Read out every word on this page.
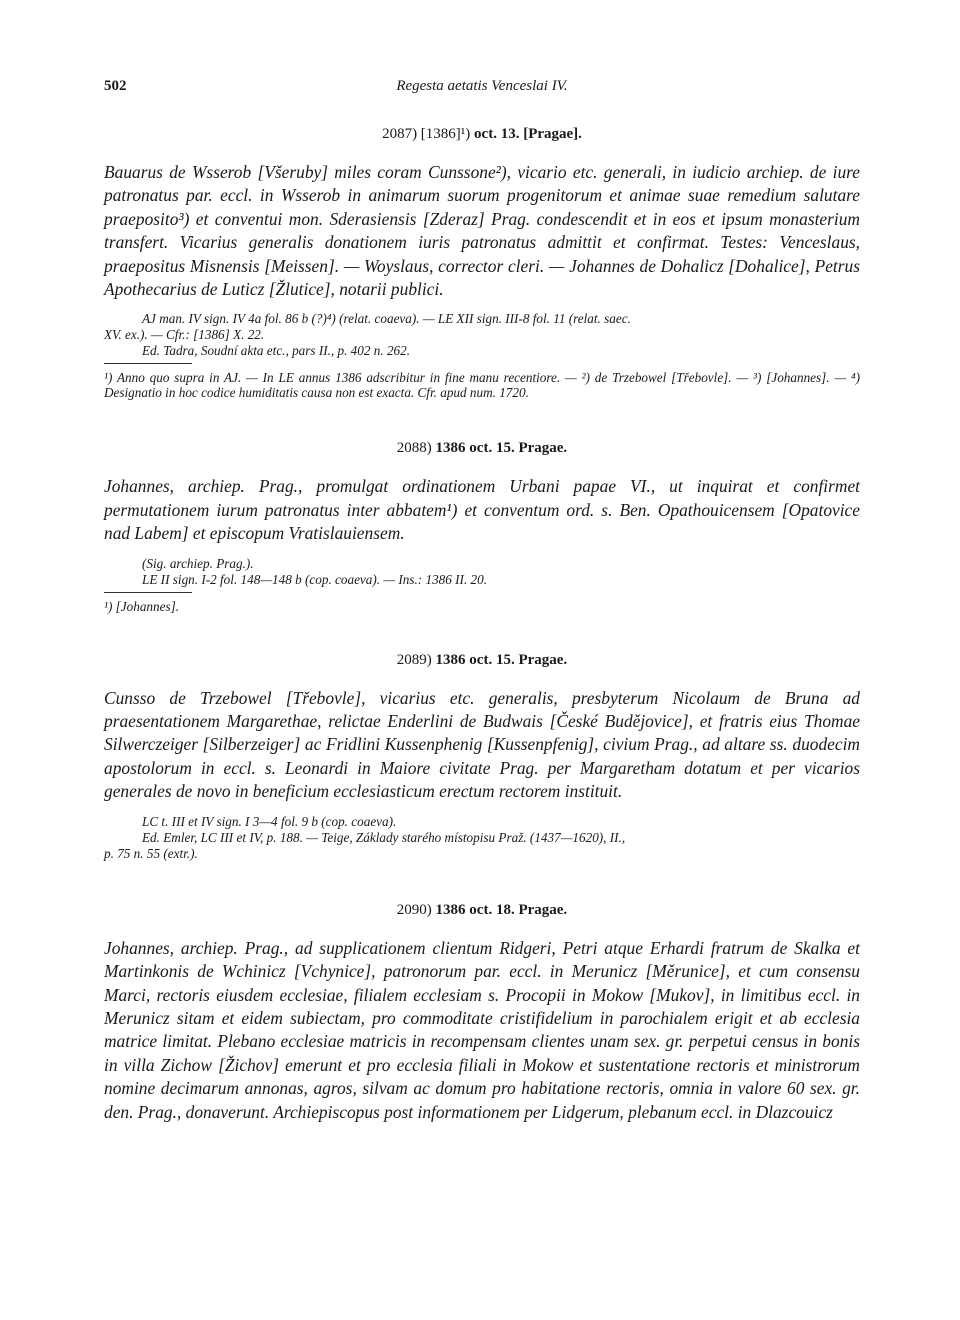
502	Regesta aetatis Venceslai IV.

2087) [1386]¹) oct. 13. [Pragae].

Bauarus de Wsserob [Všeruby] miles coram Cunssone²), vicario etc. generali, in iudicio archiep. de iure patronatus par. eccl. in Wsserob in animarum suorum progenitorum et animae suae remedium salutare praeposito³) et conventui mon. Sderasiensis [Zderaz] Prag. condescendit et in eos et ipsum monasterium transfert. Vicarius generalis donationem iuris patronatus admittit et confirmat. Testes: Venceslaus, praepositus Misnensis [Meissen]. — Woyslaus, corrector cleri. — Johannes de Dohalicz [Dohalice], Petrus Apothecarius de Luticz [Žlutice], notarii publici.

AJ man. IV sign. IV 4a fol. 86 b (?)⁴) (relat. coaeva). — LE XII sign. III-8 fol. 11 (relat. saec.
XV. ex.). — Cfr.: [1386] X. 22.
Ed. Tadra, Soudní akta etc., pars II., p. 402 n. 262.

¹) Anno quo supra in AJ. — In LE annus 1386 adscribitur in fine manu recentiore. — ²) de Trzebowel [Třebovle]. — ³) [Johannes]. — ⁴) Designatio in hoc codice humiditatis causa non est exacta. Cfr. apud num. 1720.

2088) 1386 oct. 15. Pragae.

Johannes, archiep. Prag., promulgat ordinationem Urbani papae VI., ut inquirat et confirmet permutationem iurum patronatus inter abbatem¹) et conventum ord. s. Ben. Opathouicensem [Opatovice nad Labem] et episcopum Vratislauiensem.

(Sig. archiep. Prag.).
LE II sign. I-2 fol. 148—148 b (cop. coaeva). — Ins.: 1386 II. 20.

¹) [Johannes].

2089) 1386 oct. 15. Pragae.

Cunsso de Trzebowel [Třebovle], vicarius etc. generalis, presbyterum Nicolaum de Bruna ad praesentationem Margarethae, relictae Enderlini de Budwais [České Budějovice], et fratris eius Thomae Silwerczeiger [Silberzeiger] ac Fridlini Kussenphenig [Kussenpfenig], civium Prag., ad altare ss. duodecim apostolorum in eccl. s. Leonardi in Maiore civitate Prag. per Margaretham dotatum et per vicarios generales de novo in beneficium ecclesiasticum erectum rectorem instituit.

LC t. III et IV sign. I 3—4 fol. 9 b (cop. coaeva).
Ed. Emler, LC III et IV, p. 188. — Teige, Základy starého místopisu Praž. (1437—1620), II.,
p. 75 n. 55 (extr.).

2090) 1386 oct. 18. Pragae.

Johannes, archiep. Prag., ad supplicationem clientum Ridgeri, Petri atque Erhardi fratrum de Skalka et Martinkonis de Wchinicz [Vchynice], patronorum par. eccl. in Merunicz [Měrunice], et cum consensu Marci, rectoris eiusdem ecclesiae, filialem ecclesiam s. Procopii in Mokow [Mukov], in limitibus eccl. in Merunicz sitam et eidem subiectam, pro commoditate cristifidelium in parochialem erigit et ab ecclesia matrice limitat. Plebano ecclesiae matricis in recompensam clientes unam sex. gr. perpetui census in bonis in villa Zichow [Žichov] emerunt et pro ecclesia filiali in Mokow et sustentatione rectoris et ministrorum nomine decimarum annonas, agros, silvam ac domum pro habitatione rectoris, omnia in valore 60 sex. gr. den. Prag., donaverunt. Archiepiscopus post informationem per Lidgerum, plebanum eccl. in Dlazcouicz
